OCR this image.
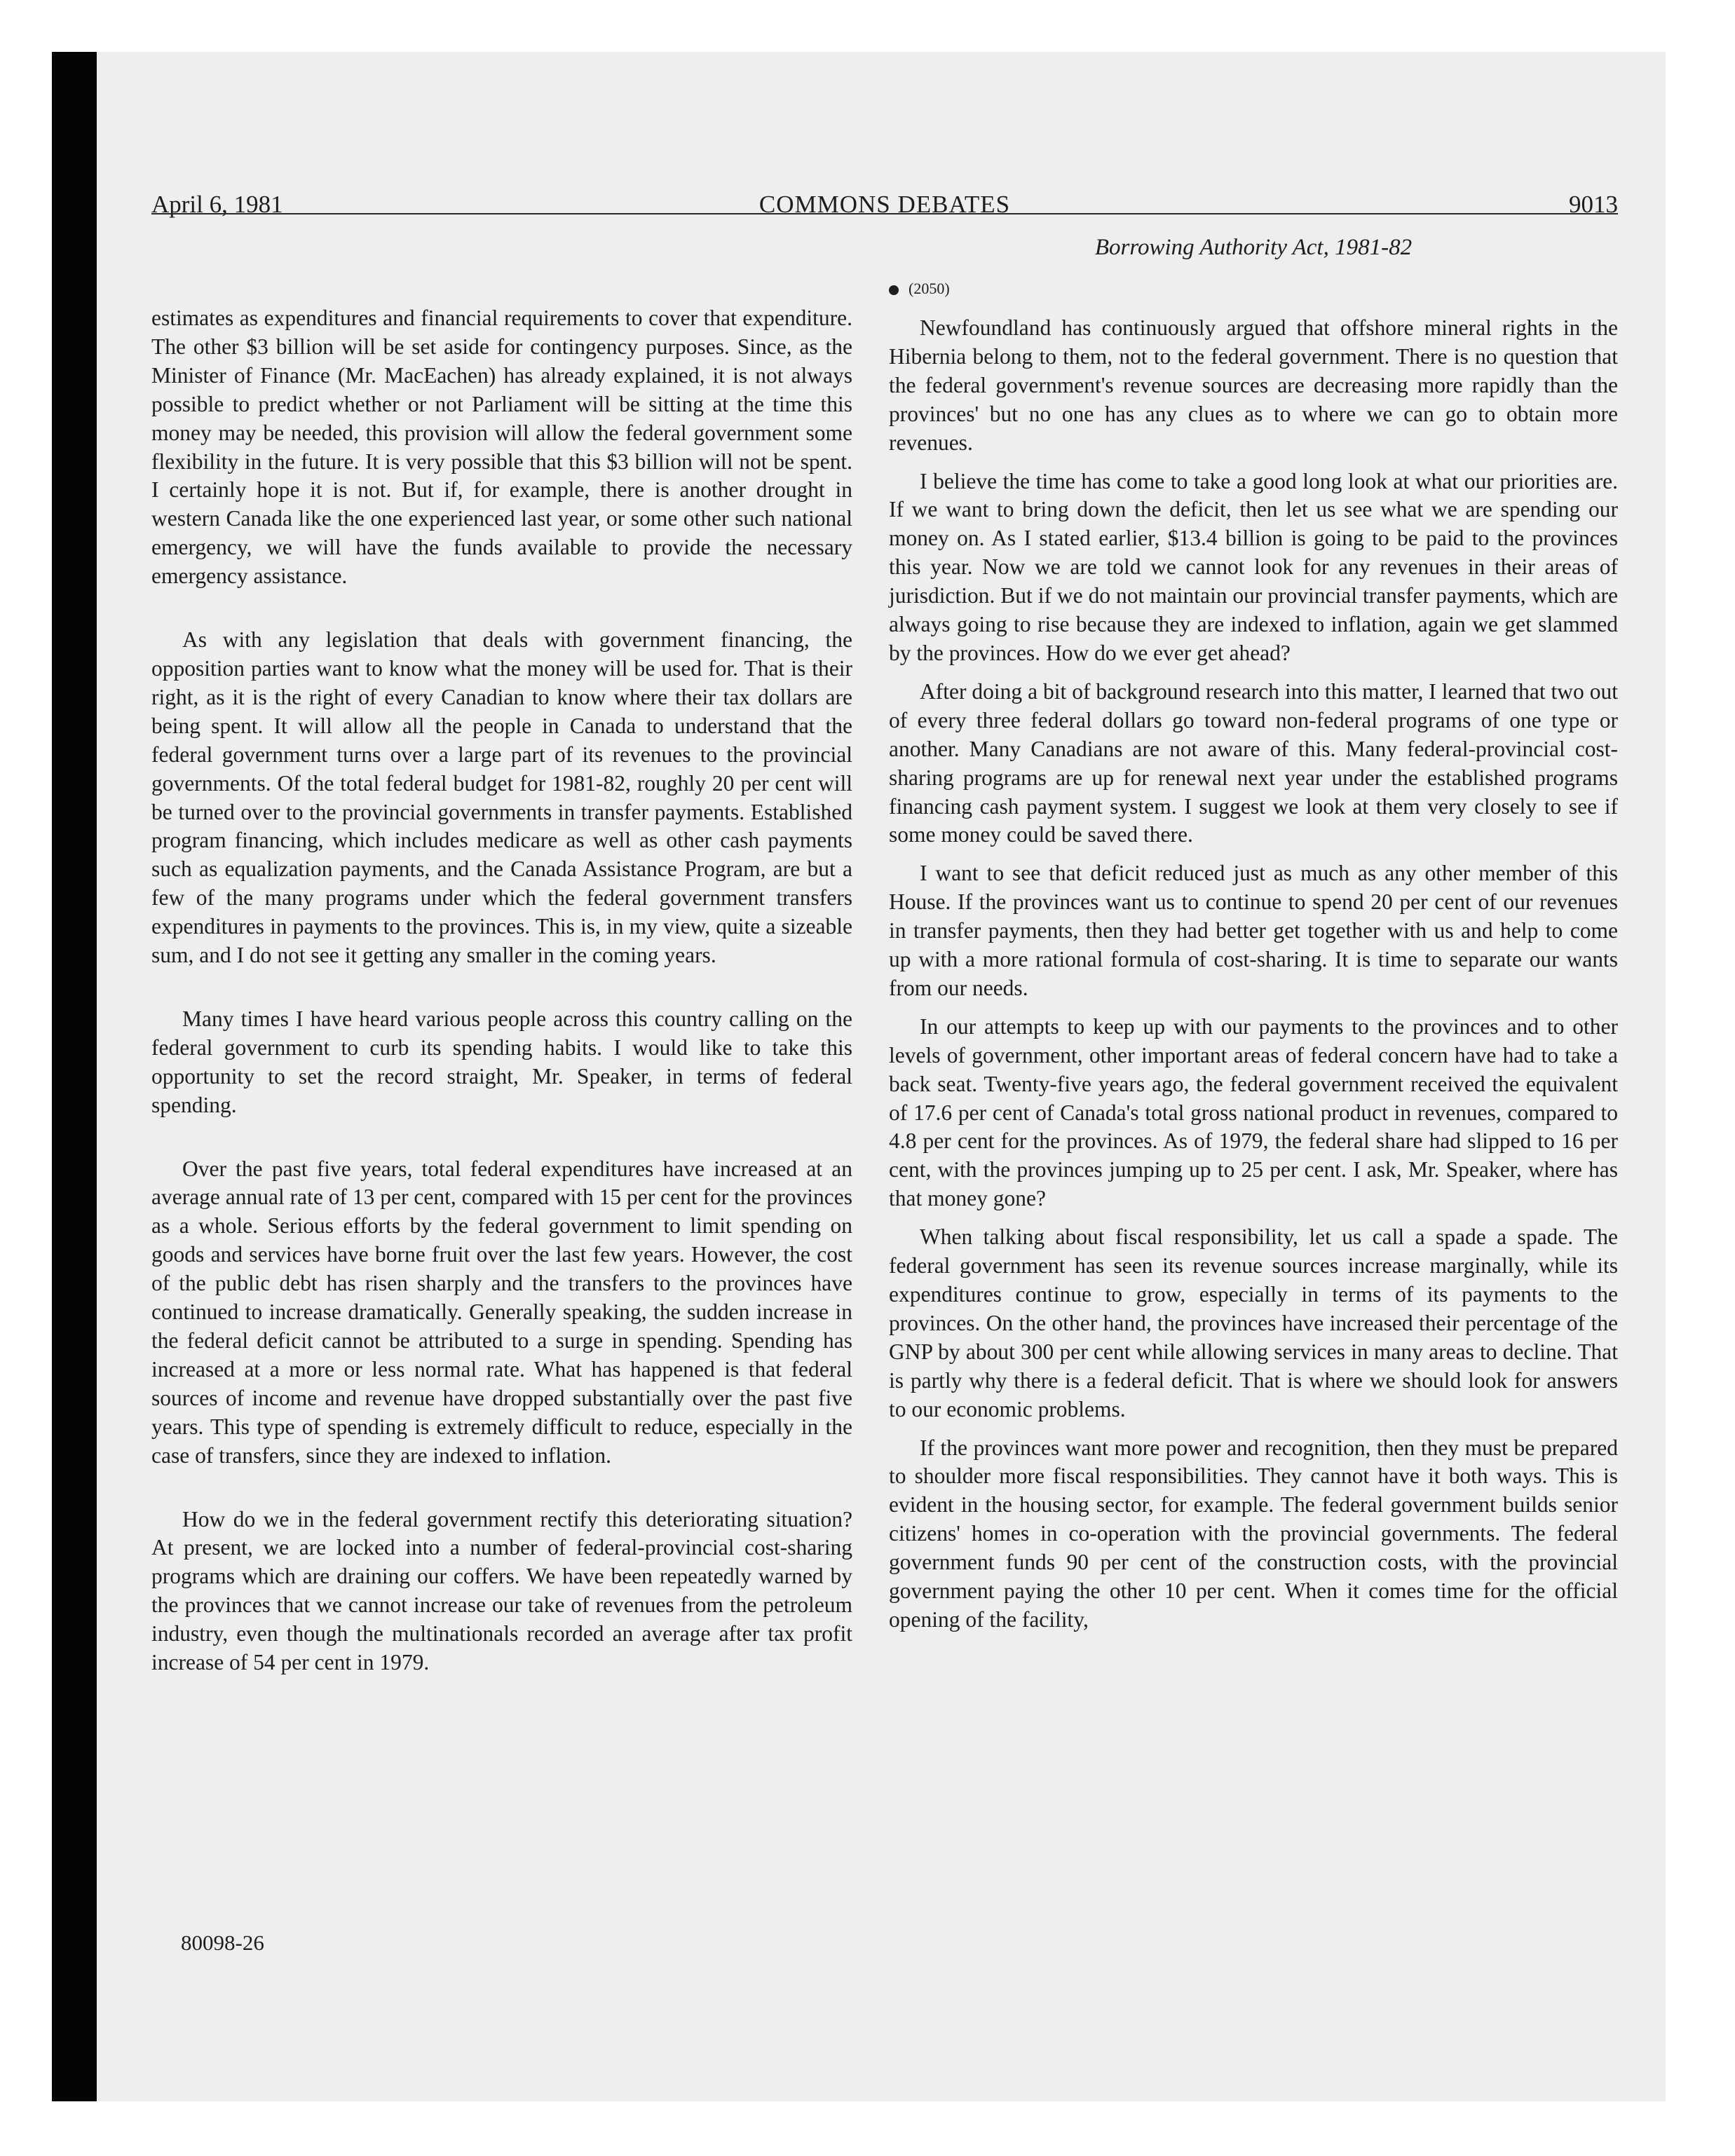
April 6, 1981	COMMONS DEBATES	9013

estimates as expenditures and financial requirements to cover that expenditure. The other $3 billion will be set aside for contingency purposes. Since, as the Minister of Finance (Mr. MacEachen) has already explained, it is not always possible to predict whether or not Parliament will be sitting at the time this money may be needed, this provision will allow the federal government some flexibility in the future. It is very possible that this $3 billion will not be spent. I certainly hope it is not. But if, for example, there is another drought in western Canada like the one experienced last year, or some other such national emergency, we will have the funds available to provide the necessary emergency assistance.

As with any legislation that deals with government financing, the opposition parties want to know what the money will be used for. That is their right, as it is the right of every Canadian to know where their tax dollars are being spent. It will allow all the people in Canada to understand that the federal government turns over a large part of its revenues to the provincial governments. Of the total federal budget for 1981-82, roughly 20 per cent will be turned over to the provincial governments in transfer payments. Established program financing, which includes medicare as well as other cash payments such as equalization payments, and the Canada Assistance Program, are but a few of the many programs under which the federal government transfers expenditures in payments to the provinces. This is, in my view, quite a sizeable sum, and I do not see it getting any smaller in the coming years.

Many times I have heard various people across this country calling on the federal government to curb its spending habits. I would like to take this opportunity to set the record straight, Mr. Speaker, in terms of federal spending.

Over the past five years, total federal expenditures have increased at an average annual rate of 13 per cent, compared with 15 per cent for the provinces as a whole. Serious efforts by the federal government to limit spending on goods and services have borne fruit over the last few years. However, the cost of the public debt has risen sharply and the transfers to the provinces have continued to increase dramatically. Generally speaking, the sudden increase in the federal deficit cannot be attributed to a surge in spending. Spending has increased at a more or less normal rate. What has happened is that federal sources of income and revenue have dropped substantially over the past five years. This type of spending is extremely difficult to reduce, especially in the case of transfers, since they are indexed to inflation.

How do we in the federal government rectify this deteriorating situation? At present, we are locked into a number of federal-provincial cost-sharing programs which are draining our coffers. We have been repeatedly warned by the provinces that we cannot increase our take of revenues from the petroleum industry, even though the multinationals recorded an average after tax profit increase of 54 per cent in 1979.

Borrowing Authority Act, 1981-82
(2050)

Newfoundland has continuously argued that offshore mineral rights in the Hibernia belong to them, not to the federal government. There is no question that the federal government's revenue sources are decreasing more rapidly than the provinces' but no one has any clues as to where we can go to obtain more revenues.

I believe the time has come to take a good long look at what our priorities are. If we want to bring down the deficit, then let us see what we are spending our money on. As I stated earlier, $13.4 billion is going to be paid to the provinces this year. Now we are told we cannot look for any revenues in their areas of jurisdiction. But if we do not maintain our provincial transfer payments, which are always going to rise because they are indexed to inflation, again we get slammed by the provinces. How do we ever get ahead?

After doing a bit of background research into this matter, I learned that two out of every three federal dollars go toward non-federal programs of one type or another. Many Canadians are not aware of this. Many federal-provincial cost-sharing programs are up for renewal next year under the established programs financing cash payment system. I suggest we look at them very closely to see if some money could be saved there.

I want to see that deficit reduced just as much as any other member of this House. If the provinces want us to continue to spend 20 per cent of our revenues in transfer payments, then they had better get together with us and help to come up with a more rational formula of cost-sharing. It is time to separate our wants from our needs.

In our attempts to keep up with our payments to the provinces and to other levels of government, other important areas of federal concern have had to take a back seat. Twenty-five years ago, the federal government received the equivalent of 17.6 per cent of Canada's total gross national product in revenues, compared to 4.8 per cent for the provinces. As of 1979, the federal share had slipped to 16 per cent, with the provinces jumping up to 25 per cent. I ask, Mr. Speaker, where has that money gone?

When talking about fiscal responsibility, let us call a spade a spade. The federal government has seen its revenue sources increase marginally, while its expenditures continue to grow, especially in terms of its payments to the provinces. On the other hand, the provinces have increased their percentage of the GNP by about 300 per cent while allowing services in many areas to decline. That is partly why there is a federal deficit. That is where we should look for answers to our economic problems.

If the provinces want more power and recognition, then they must be prepared to shoulder more fiscal responsibilities. They cannot have it both ways. This is evident in the housing sector, for example. The federal government builds senior citizens' homes in co-operation with the provincial governments. The federal government funds 90 per cent of the construction costs, with the provincial government paying the other 10 per cent. When it comes time for the official opening of the facility,

80098-26
